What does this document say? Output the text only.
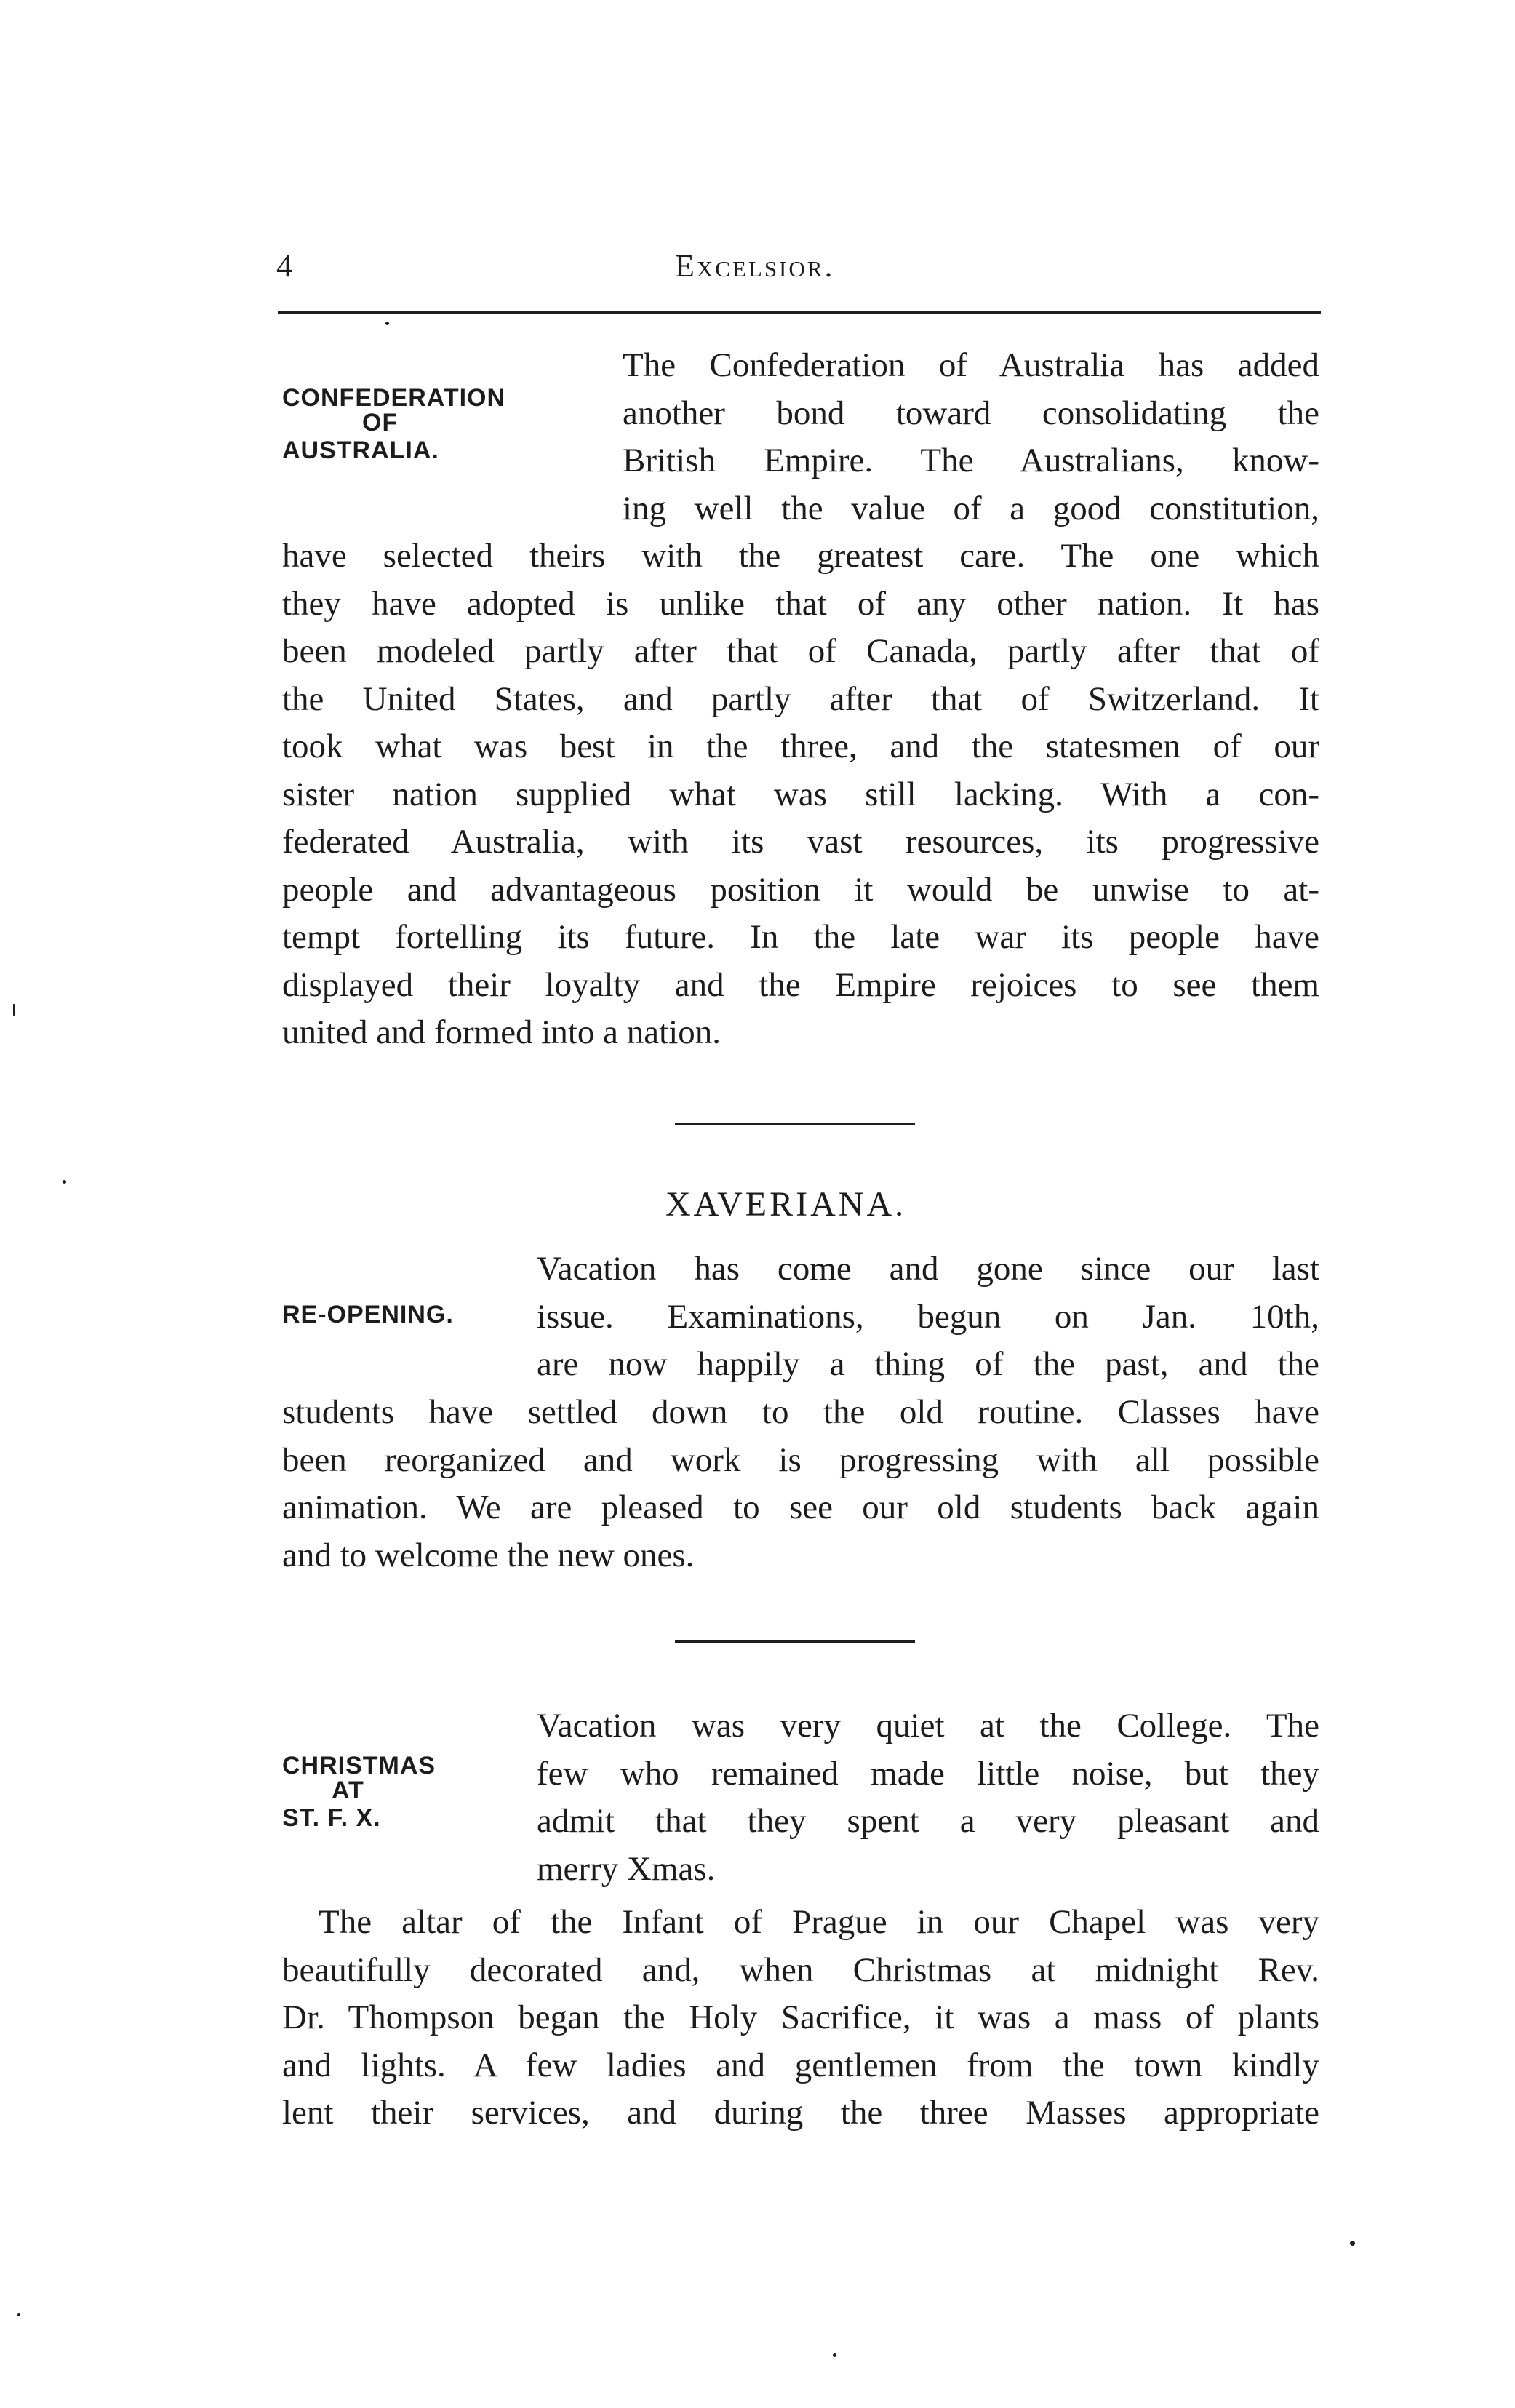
4	Excelsior.
CONFEDERATION
OF
AUSTRALIA.
The Confederation of Australia has added
another bond toward consolidating the
British Empire. The Australians, know-
ing well the value of a good constitution,
have selected theirs with the greatest care. The one which
they have adopted is unlike that of any other nation. It has
been modeled partly after that of Canada, partly after that of
the United States, and partly after that of Switzerland. It
took what was best in the three, and the statesmen of our
sister nation supplied what was still lacking. With a con-
federated Australia, with its vast resources, its progressive
people and advantageous position it would be unwise to at-
tempt fortelling its future. In the late war its people have
displayed their loyalty and the Empire rejoices to see them
united and formed into a nation.
XAVERIANA.
RE-OPENING.
Vacation has come and gone since our last
issue. Examinations, begun on Jan. 10th,
are now happily a thing of the past, and the
students have settled down to the old routine. Classes have
been reorganized and work is progressing with all possible
animation. We are pleased to see our old students back again
and to welcome the new ones.
CHRISTMAS
AT
ST. F. X.
Vacation was very quiet at the College. The
few who remained made little noise, but they
admit that they spent a very pleasant and
merry Xmas.
The altar of the Infant of Prague in our Chapel was very
beautifully decorated and, when Christmas at midnight Rev.
Dr. Thompson began the Holy Sacrifice, it was a mass of plants
and lights. A few ladies and gentlemen from the town kindly
lent their services, and during the three Masses appropriate
